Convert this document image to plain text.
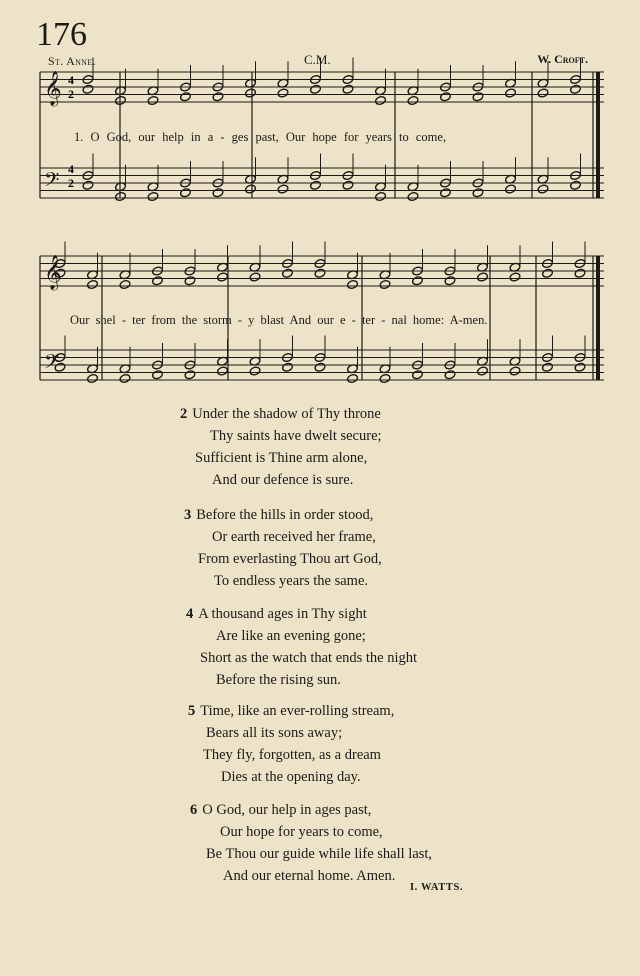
176
St. Anne.	C.M.	W. Croft.
𝄞
𝄢
𝄞
𝄢
4
2
4
2
1. O God, our help in a - ges past, Our hope for years to come,
Our shel - ter from the storm - y blast And our e - ter - nal home: A-men.
2 Under the shadow of Thy throne
Thy saints have dwelt secure;
Sufficient is Thine arm alone,
And our defence is sure.
3 Before the hills in order stood,
Or earth received her frame,
From everlasting Thou art God,
To endless years the same.
4 A thousand ages in Thy sight
Are like an evening gone;
Short as the watch that ends the night
Before the rising sun.
5 Time, like an ever-rolling stream,
Bears all its sons away;
They fly, forgotten, as a dream
Dies at the opening day.
6 O God, our help in ages past,
Our hope for years to come,
Be Thou our guide while life shall last,
And our eternal home. Amen.
I. WATTS.
